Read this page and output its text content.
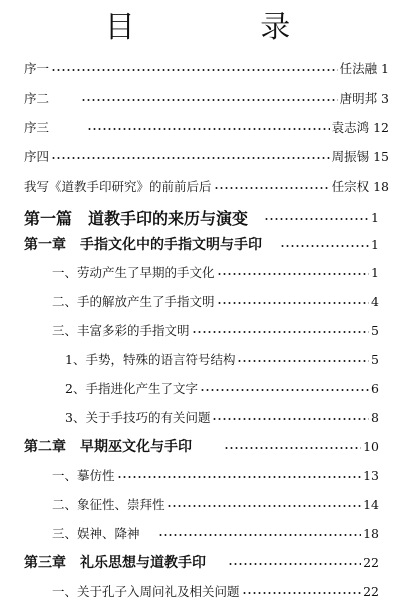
目 录
序一	任法融 1
序二	唐明邦 3
序三	袁志鸿 12
序四	周振锡 15
我写《道教手印研究》的前前后后	任宗权 18
第一篇　道教手印的来历与演变	1
第一章　手指文化中的手指文明与手印	1
一、劳动产生了早期的手文化	1
二、手的解放产生了手指文明	4
三、丰富多彩的手指文明	5
1、手势，特殊的语言符号结构	5
2、手指进化产生了文字	6
3、关于手技巧的有关问题	8
第二章　早期巫文化与手印	10
一、摹仿性	13
二、象征性、崇拜性	14
三、娱神、降神	18
第三章　礼乐思想与道教手印	22
一、关于孔子入周问礼及相关问题	22
